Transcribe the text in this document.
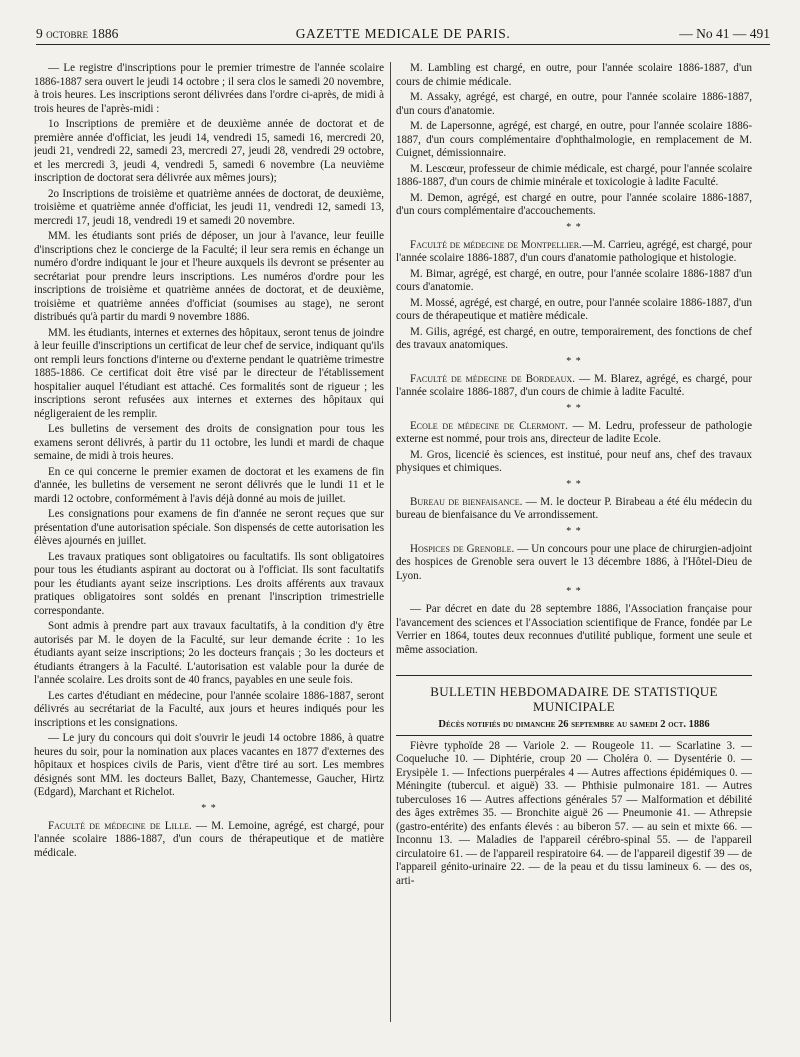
9 octobre 1886	GAZETTE MEDICALE DE PARIS.	— No 41 — 491

— Le registre d'inscriptions pour le premier trimestre de l'année scolaire 1886-1887 sera ouvert le jeudi 14 octobre ; il sera clos le samedi 20 novembre, à trois heures. Les inscriptions seront délivrées dans l'ordre ci-après, de midi à trois heures de l'après-midi :

1o Inscriptions de première et de deuxième année de doctorat et de première année d'officiat, les jeudi 14, vendredi 15, samedi 16, mercredi 20, jeudi 21, vendredi 22, samedi 23, mercredi 27, jeudi 28, vendredi 29 octobre, et les mercredi 3, jeudi 4, vendredi 5, samedi 6 novembre (La neuvième inscription de doctorat sera délivrée aux mêmes jours);

2o Inscriptions de troisième et quatrième années de doctorat, de deuxième, troisième et quatrième année d'officiat, les jeudi 11, vendredi 12, samedi 13, mercredi 17, jeudi 18, vendredi 19 et samedi 20 novembre.

MM. les étudiants sont priés de déposer, un jour à l'avance, leur feuille d'inscriptions chez le concierge de la Faculté; il leur sera remis en échange un numéro d'ordre indiquant le jour et l'heure auxquels ils devront se présenter au secrétariat pour prendre leurs inscriptions. Les numéros d'ordre pour les inscriptions de troisième et quatrième années de doctorat, et de deuxième, troisième et quatrième années d'officiat (soumises au stage), ne seront distribués qu'à partir du mardi 9 novembre 1886.

MM. les étudiants, internes et externes des hôpitaux, seront tenus de joindre à leur feuille d'inscriptions un certificat de leur chef de service, indiquant qu'ils ont rempli leurs fonctions d'interne ou d'externe pendant le quatrième trimestre 1885-1886. Ce certificat doit être visé par le directeur de l'établissement hospitalier auquel l'étudiant est attaché. Ces formalités sont de rigueur ; les inscriptions seront refusées aux internes et externes des hôpitaux qui négligeraient de les remplir.

Les bulletins de versement des droits de consignation pour tous les examens seront délivrés, à partir du 11 octobre, les lundi et mardi de chaque semaine, de midi à trois heures.

En ce qui concerne le premier examen de doctorat et les examens de fin d'année, les bulletins de versement ne seront délivrés que le lundi 11 et le mardi 12 octobre, conformément à l'avis déjà donné au mois de juillet.

Les consignations pour examens de fin d'année ne seront reçues que sur présentation d'une autorisation spéciale. Son dispensés de cette autorisation les élèves ajournés en juillet.

Les travaux pratiques sont obligatoires ou facultatifs. Ils sont obligatoires pour tous les étudiants aspirant au doctorat ou à l'officiat. Ils sont facultatifs pour les étudiants ayant seize inscriptions. Les droits afférents aux travaux pratiques obligatoires sont soldés en prenant l'inscription trimestrielle correspondante.

Sont admis à prendre part aux travaux facultatifs, à la condition d'y être autorisés par M. le doyen de la Faculté, sur leur demande écrite : 1o les étudiants ayant seize inscriptions; 2o les docteurs français ; 3o les docteurs et étudiants étrangers à la Faculté. L'autorisation est valable pour la durée de l'année scolaire. Les droits sont de 40 francs, payables en une seule fois.

Les cartes d'étudiant en médecine, pour l'année scolaire 1886-1887, seront délivrés au secrétariat de la Faculté, aux jours et heures indiqués pour les inscriptions et les consignations.

— Le jury du concours qui doit s'ouvrir le jeudi 14 octobre 1886, à quatre heures du soir, pour la nomination aux places vacantes en 1877 d'externes des hôpitaux et hospices civils de Paris, vient d'être tiré au sort. Les membres désignés sont MM. les docteurs Ballet, Bazy, Chantemesse, Gaucher, Hirtz (Edgard), Marchant et Richelot.

* *

Faculté de médecine de Lille. — M. Lemoine, agrégé, est chargé, pour l'année scolaire 1886-1887, d'un cours de thérapeutique et de matière médicale.

M. Lambling est chargé, en outre, pour l'année scolaire 1886-1887, d'un cours de chimie médicale.

M. Assaky, agrégé, est chargé, en outre, pour l'année scolaire 1886-1887, d'un cours d'anatomie.

M. de Lapersonne, agrégé, est chargé, en outre, pour l'année scolaire 1886-1887, d'un cours complémentaire d'ophthalmologie, en remplacement de M. Cuignet, démissionnaire.

M. Lescœur, professeur de chimie médicale, est chargé, pour l'année scolaire 1886-1887, d'un cours de chimie minérale et toxicologie à ladite Faculté.

M. Demon, agrégé, est chargé en outre, pour l'année scolaire 1886-1887, d'un cours complémentaire d'accouchements.

* *

Faculté de médecine de Montpellier.—M. Carrieu, agrégé, est chargé, pour l'année scolaire 1886-1887, d'un cours d'anatomie pathologique et histologie.

M. Bimar, agrégé, est chargé, en outre, pour l'année scolaire 1886-1887 d'un cours d'anatomie.

M. Mossé, agrégé, est chargé, en outre, pour l'année scolaire 1886-1887, d'un cours de thérapeutique et matière médicale.

M. Gilis, agrégé, est chargé, en outre, temporairement, des fonctions de chef des travaux anatomiques.

* *

Faculté de médecine de Bordeaux. — M. Blarez, agrégé, es chargé, pour l'année scolaire 1886-1887, d'un cours de chimie à ladite Faculté.

* *

Ecole de médecine de Clermont. — M. Ledru, professeur de pathologie externe est nommé, pour trois ans, directeur de ladite Ecole.

M. Gros, licencié ès sciences, est institué, pour neuf ans, chef des travaux physiques et chimiques.

* *

Bureau de bienfaisance. — M. le docteur P. Birabeau a été élu médecin du bureau de bienfaisance du Ve arrondissement.

* *

Hospices de Grenoble. — Un concours pour une place de chirurgien-adjoint des hospices de Grenoble sera ouvert le 13 décembre 1886, à l'Hôtel-Dieu de Lyon.

* *

— Par décret en date du 28 septembre 1886, l'Association française pour l'avancement des sciences et l'Association scientifique de France, fondée par Le Verrier en 1864, toutes deux reconnues d'utilité publique, forment une seule et même association.

BULLETIN HEBDOMADAIRE DE STATISTIQUE MUNICIPALE
Décès notifiés du dimanche 26 septembre au samedi 2 oct. 1886

Fièvre typhoïde 28 — Variole 2. — Rougeole 11. — Scarlatine 3. — Coqueluche 10. — Diphtérie, croup 20 — Choléra 0. — Dysentérie 0. — Erysipèle 1. — Infections puerpérales 4 — Autres affections épidémiques 0. — Méningite (tubercul. et aiguë) 33. — Phthisie pulmonaire 181. — Autres tuberculoses 16 — Autres affections générales 57 — Malformation et débilité des âges extrêmes 35. — Bronchite aiguë 26 — Pneumonie 41. — Athrepsie (gastro-entérite) des enfants élevés : au biberon 57. — au sein et mixte 66. — Inconnu 13. — Maladies de l'appareil cérébro-spinal 55. — de l'appareil circulatoire 61. — de l'appareil respiratoire 64. — de l'appareil digestif 39 — de l'appareil génito-urinaire 22. — de la peau et du tissu lamineux 6. — des os, arti-
